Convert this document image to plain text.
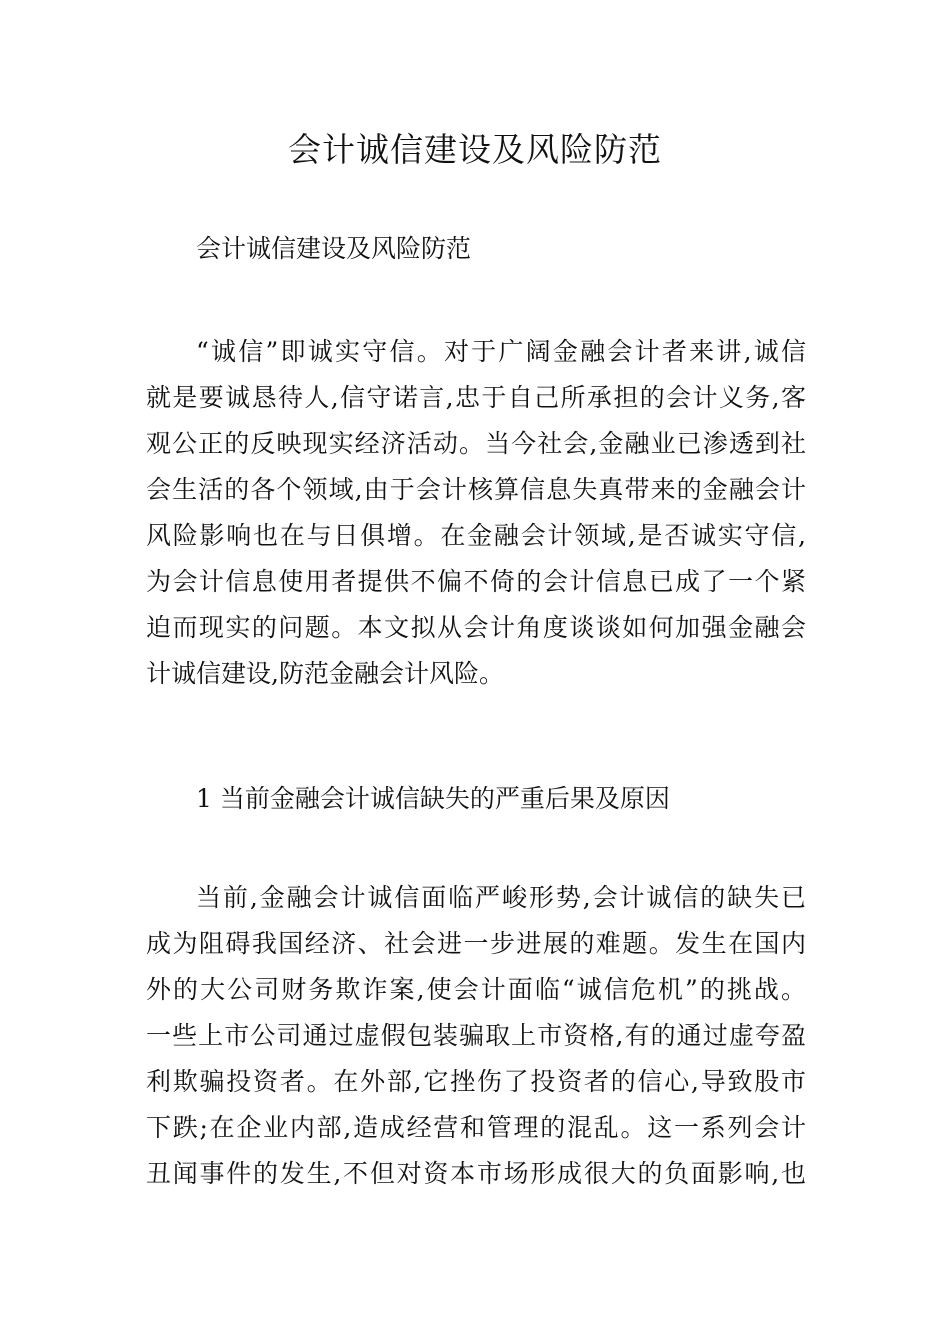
会计诚信建设及风险防范

会计诚信建设及风险防范

“诚信”即诚实守信。对于广阔金融会计者来讲,诚信

就是要诚恳待人,信守诺言,忠于自己所承担的会计义务,客

观公正的反映现实经济活动。当今社会,金融业已渗透到社

会生活的各个领域,由于会计核算信息失真带来的金融会计

风险影响也在与日俱增。在金融会计领域,是否诚实守信,

为会计信息使用者提供不偏不倚的会计信息已成了一个紧

迫而现实的问题。本文拟从会计角度谈谈如何加强金融会

计诚信建设,防范金融会计风险。

1 当前金融会计诚信缺失的严重后果及原因

当前,金融会计诚信面临严峻形势,会计诚信的缺失已

成为阻碍我国经济、社会进一步进展的难题。发生在国内

外的大公司财务欺诈案,使会计面临“诚信危机”的挑战。

一些上市公司通过虚假包装骗取上市资格,有的通过虚夸盈

利欺骗投资者。在外部,它挫伤了投资者的信心,导致股市

下跌;在企业内部,造成经营和管理的混乱。这一系列会计

丑闻事件的发生,不但对资本市场形成很大的负面影响,也
